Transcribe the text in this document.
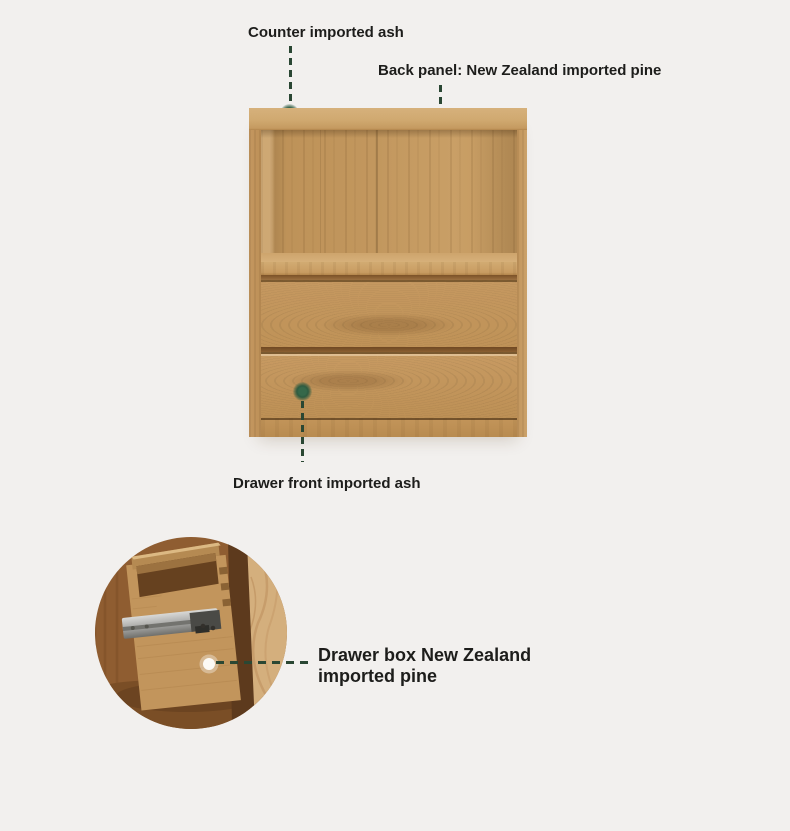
Counter imported ash
Back panel: New Zealand imported pine
Drawer front imported ash
Drawer box New Zealand
imported pine
